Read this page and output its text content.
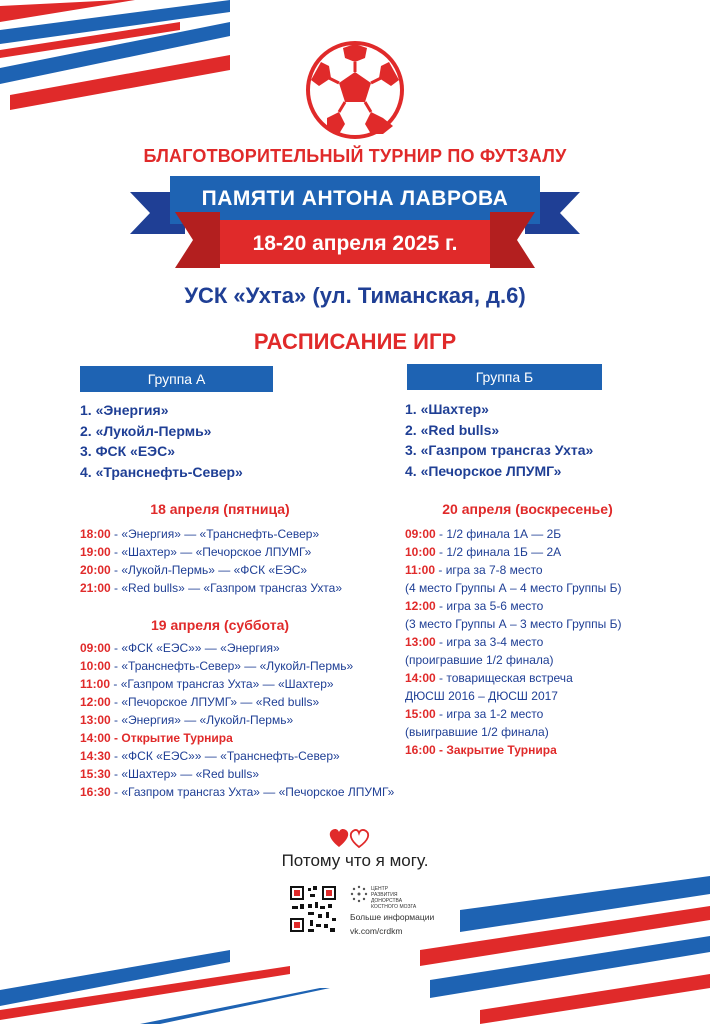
БЛАГОТВОРИТЕЛЬНЫЙ ТУРНИР ПО ФУТЗАЛУ
ПАМЯТИ АНТОНА ЛАВРОВА
18-20 апреля 2025 г.
УСК «Ухта» (ул. Тиманская, д.6)
РАСПИСАНИЕ ИГР
Группа А
1. «Энергия»
2. «Лукойл-Пермь»
3. ФСК «ЕЭС»
4. «Транснефть-Север»
Группа Б
1. «Шахтер»
2. «Red bulls»
3. «Газпром трансгаз Ухта»
4. «Печорское ЛПУМГ»
18 апреля (пятница)
18:00 - «Энергия» — «Транснефть-Север»
19:00 - «Шахтер» — «Печорское ЛПУМГ»
20:00 - «Лукойл-Пермь» — «ФСК «ЕЭС»
21:00 - «Red bulls» — «Газпром трансгаз Ухта»
19 апреля (суббота)
09:00 - «ФСК «ЕЭС»» — «Энергия»
10:00 - «Транснефть-Север» — «Лукойл-Пермь»
11:00 - «Газпром трансгаз Ухта» — «Шахтер»
12:00 - «Печорское ЛПУМГ» — «Red bulls»
13:00 - «Энергия» — «Лукойл-Пермь»
14:00 - Открытие Турнира
14:30 - «ФСК «ЕЭС»» — «Транснефть-Север»
15:30 - «Шахтер» — «Red bulls»
16:30 - «Газпром трансгаз Ухта» — «Печорское ЛПУМГ»
20 апреля (воскресенье)
09:00 - 1/2 финала 1А — 2Б
10:00 - 1/2 финала 1Б — 2А
11:00 - игра за 7-8 место
(4 место Группы А – 4 место Группы Б)
12:00 - игра за 5-6 место
(3 место Группы А – 3 место Группы Б)
13:00 - игра за 3-4 место
(проигравшие 1/2 финала)
14:00 - товарищеская встреча
ДЮСШ 2016 – ДЮСШ 2017
15:00 - игра за 1-2 место
(выигравшие 1/2 финала)
16:00 - Закрытие Турнира
Потому что я могу.
ЦЕНТР
РАЗВИТИЯ
ДОНОРСТВА
КОСТНОГО МОЗГА
Больше информации
vk.com/crdkm
